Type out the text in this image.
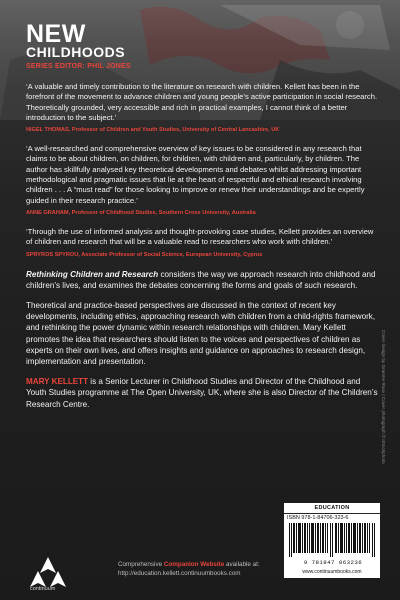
NEW
CHILDHOODS
SERIES EDITOR: PHIL JONES

‘A valuable and timely contribution to the literature on research with children. Kellett has been in the forefront of the movement to advance children and young people’s active participation in social research. Theoretically grounded, very accessible and rich in practical examples, I cannot think of a better introduction to the subject.’

NIGEL THOMAS, Professor of Children and Youth Studies, University of Central Lancashire, UK

‘A well-researched and comprehensive overview of key issues to be considered in any research that claims to be about children, on children, for children, with children and, particularly, by children. The author has skillfully analysed key theoretical developments and debates whilst addressing important methodological and pragmatic issues that lie at the heart of respectful and ethical research involving children . . . A “must read” for those looking to improve or renew their understandings and be expertly guided in their research practice.’

ANNE GRAHAM, Professor of Childhood Studies, Southern Cross University, Australia

‘Through the use of informed analysis and thought-provoking case studies, Kellett provides an overview of children and research that will be a valuable read to researchers who work with children.’

SPRYROS SPYROU, Associate Professor of Social Science, European University, Cyprus

Rethinking Children and Research considers the way we approach research into childhood and children’s lives, and examines the debates concerning the forms and goals of such research.

Theoretical and practice-based perspectives are discussed in the context of recent key developments, including ethics, approaching research with children from a child-rights framework, and rethinking the power dynamic within research relationships with children. Mary Kellett promotes the idea that researchers should listen to the voices and perspectives of children as experts on their own lives, and offers insights and guidance on approaches to research design, implementation and presentation.

MARY KELLETT is a Senior Lecturer in Childhood Studies and Director of the Childhood and Youth Studies programme at The Open University, UK, where she is also Director of the Children’s Research Centre.	Cover design by Graeme Rose | Cover photograph © iStockphoto
EDUCATION
ISBN 978-1-84706-323-6
9 781847 063236
www.continuumbooks.com
continuum
Comprehensive Companion Website available at:
http://education.kellett.continuumbooks.com
